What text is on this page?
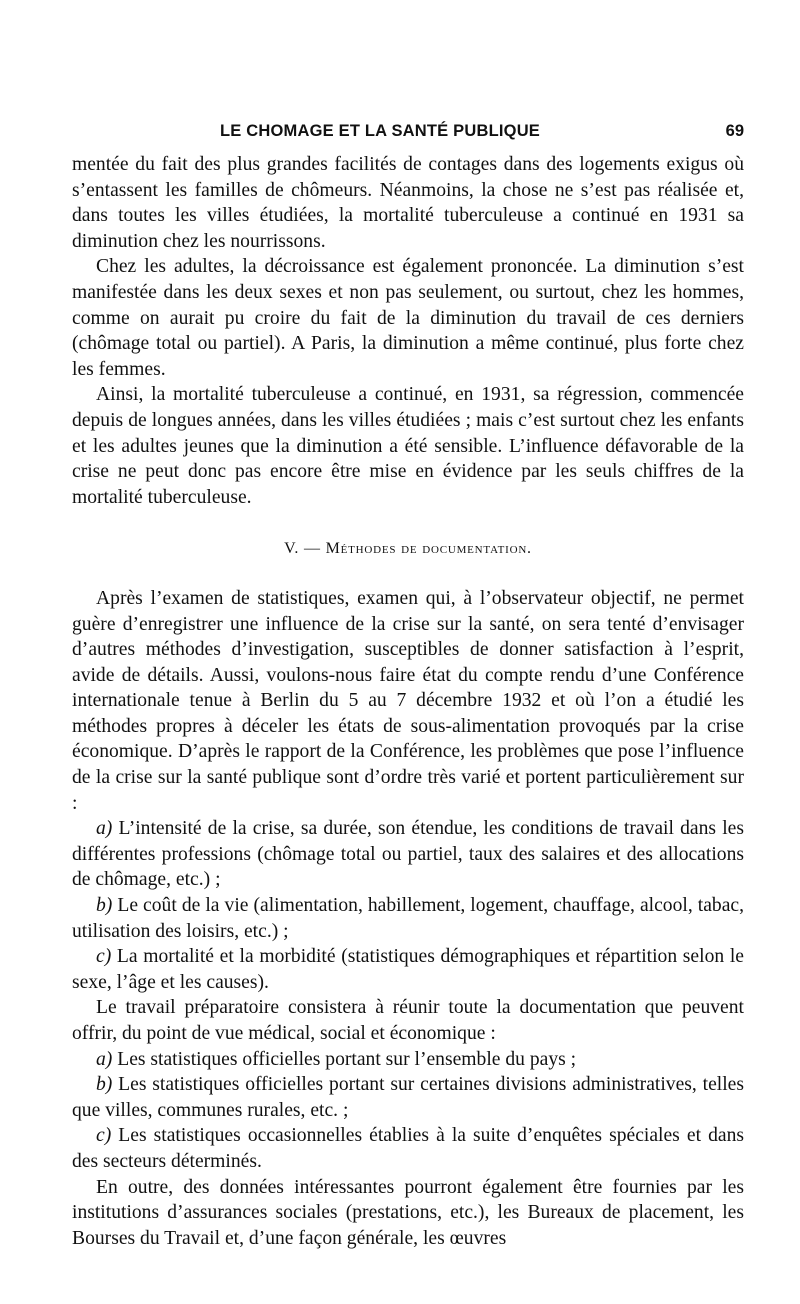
LE CHOMAGE ET LA SANTÉ PUBLIQUE	69

mentée du fait des plus grandes facilités de contages dans des logements exigus où s’entassent les familles de chômeurs. Néanmoins, la chose ne s’est pas réalisée et, dans toutes les villes étudiées, la mortalité tuberculeuse a continué en 1931 sa diminution chez les nourrissons.

Chez les adultes, la décroissance est également prononcée. La diminution s’est manifestée dans les deux sexes et non pas seulement, ou surtout, chez les hommes, comme on aurait pu croire du fait de la diminution du travail de ces derniers (chômage total ou partiel). A Paris, la diminution a même continué, plus forte chez les femmes.

Ainsi, la mortalité tuberculeuse a continué, en 1931, sa régression, commencée depuis de longues années, dans les villes étudiées ; mais c’est surtout chez les enfants et les adultes jeunes que la diminution a été sensible. L’influence défavorable de la crise ne peut donc pas encore être mise en évidence par les seuls chiffres de la mortalité tuberculeuse.

V. — Méthodes de documentation.

Après l’examen de statistiques, examen qui, à l’observateur objectif, ne permet guère d’enregistrer une influence de la crise sur la santé, on sera tenté d’envisager d’autres méthodes d’investigation, susceptibles de donner satisfaction à l’esprit, avide de détails. Aussi, voulons-nous faire état du compte rendu d’une Conférence internationale tenue à Berlin du 5 au 7 décembre 1932 et où l’on a étudié les méthodes propres à déceler les états de sous-alimentation provoqués par la crise économique. D’après le rapport de la Conférence, les problèmes que pose l’influence de la crise sur la santé publique sont d’ordre très varié et portent particulièrement sur :

a) L’intensité de la crise, sa durée, son étendue, les conditions de travail dans les différentes professions (chômage total ou partiel, taux des salaires et des allocations de chômage, etc.) ;

b) Le coût de la vie (alimentation, habillement, logement, chauffage, alcool, tabac, utilisation des loisirs, etc.) ;

c) La mortalité et la morbidité (statistiques démographiques et répartition selon le sexe, l’âge et les causes).

Le travail préparatoire consistera à réunir toute la documentation que peuvent offrir, du point de vue médical, social et économique :

a) Les statistiques officielles portant sur l’ensemble du pays ;

b) Les statistiques officielles portant sur certaines divisions administratives, telles que villes, communes rurales, etc. ;

c) Les statistiques occasionnelles établies à la suite d’enquêtes spéciales et dans des secteurs déterminés.

En outre, des données intéressantes pourront également être fournies par les institutions d’assurances sociales (prestations, etc.), les Bureaux de placement, les Bourses du Travail et, d’une façon générale, les œuvres
